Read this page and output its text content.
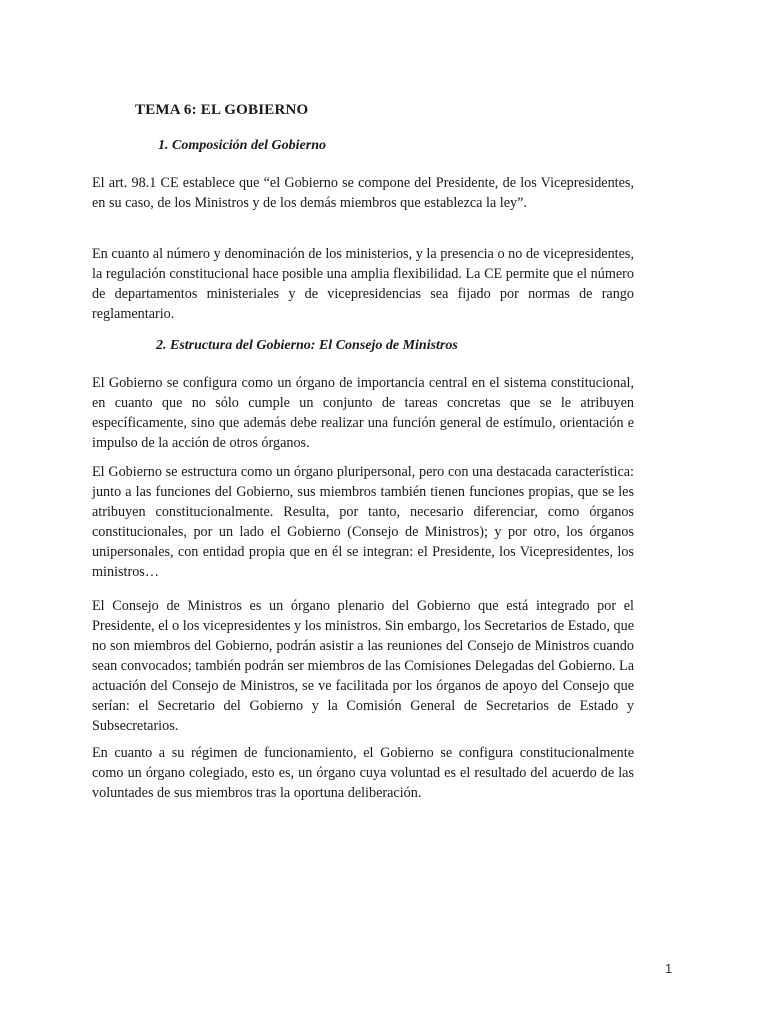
TEMA 6: EL GOBIERNO
1. Composición del Gobierno

El art. 98.1 CE establece que “el Gobierno se compone del Presidente, de los Vicepresidentes, en su caso, de los Ministros y de los demás miembros que establezca la ley”.

En cuanto al número y denominación de los ministerios, y la presencia o no de vicepresidentes, la regulación constitucional hace posible una amplia flexibilidad. La CE permite que el número de departamentos ministeriales y de vicepresidencias sea fijado por normas de rango reglamentario.

2. Estructura del Gobierno: El Consejo de Ministros

El Gobierno se configura como un órgano de importancia central en el sistema constitucional, en cuanto que no sólo cumple un conjunto de tareas concretas que se le atribuyen específicamente, sino que además debe realizar una función general de estímulo, orientación e impulso de la acción de otros órganos.

El Gobierno se estructura como un órgano pluripersonal, pero con una destacada característica: junto a las funciones del Gobierno, sus miembros también tienen funciones propias, que se les atribuyen constitucionalmente. Resulta, por tanto, necesario diferenciar, como órganos constitucionales, por un lado el Gobierno (Consejo de Ministros); y por otro, los órganos unipersonales, con entidad propia que en él se integran: el Presidente, los Vicepresidentes, los ministros…

El Consejo de Ministros es un órgano plenario del Gobierno que está integrado por el Presidente, el o los vicepresidentes y los ministros. Sin embargo, los Secretarios de Estado, que no son miembros del Gobierno, podrán asistir a las reuniones del Consejo de Ministros cuando sean convocados; también podrán ser miembros de las Comisiones Delegadas del Gobierno. La actuación del Consejo de Ministros, se ve facilitada por los órganos de apoyo del Consejo que serían: el Secretario del Gobierno y la Comisión General de Secretarios de Estado y Subsecretarios.

En cuanto a su régimen de funcionamiento, el Gobierno se configura constitucionalmente como un órgano colegiado, esto es, un órgano cuya voluntad es el resultado del acuerdo de las voluntades de sus miembros tras la oportuna deliberación.

1
